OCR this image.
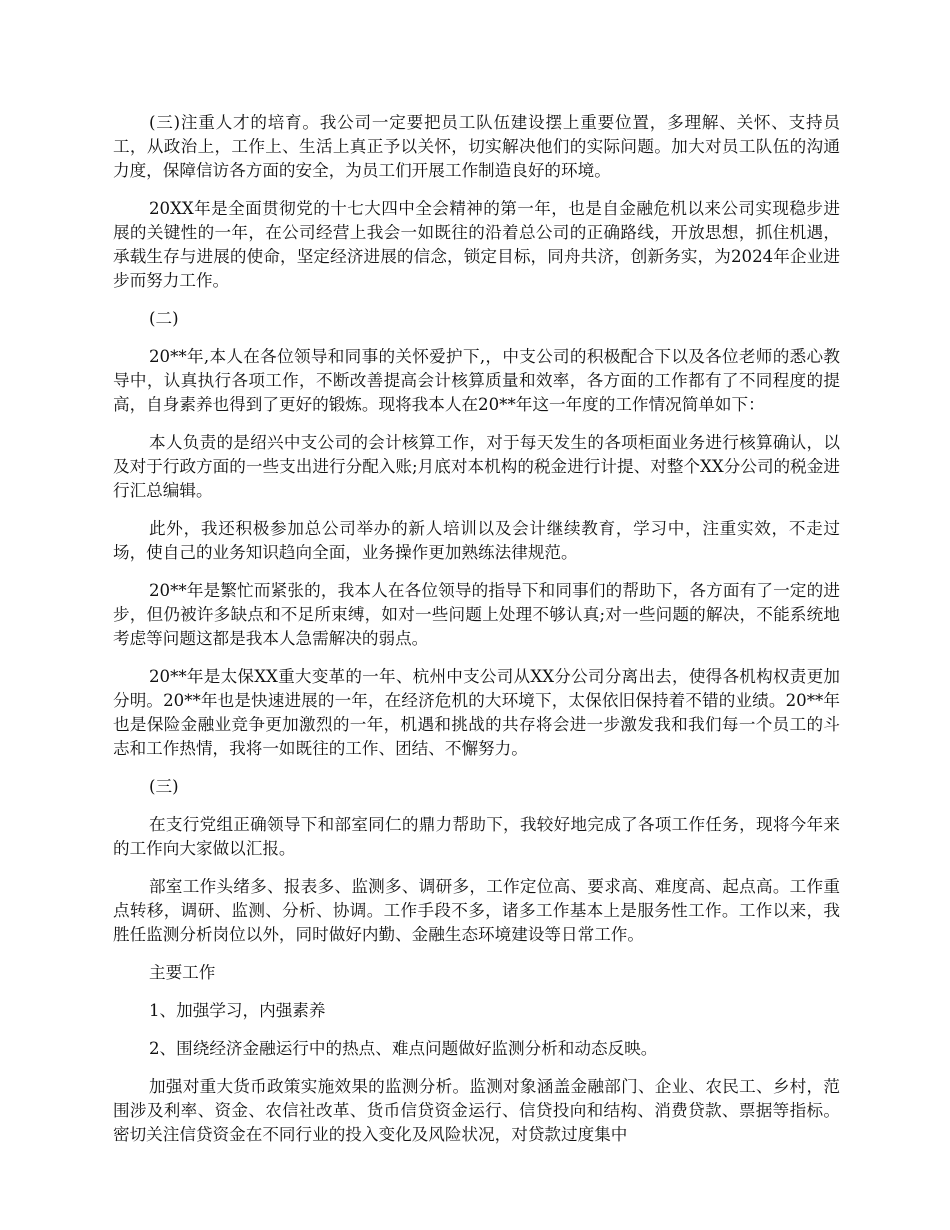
(三)注重人才的培育。我公司一定要把员工队伍建设摆上重要位置，多理解、关怀、支持员工，从政治上，工作上、生活上真正予以关怀，切实解决他们的实际问题。加大对员工队伍的沟通力度，保障信访各方面的安全，为员工们开展工作制造良好的环境。

20XX年是全面贯彻党的十七大四中全会精神的第一年，也是自金融危机以来公司实现稳步进展的关键性的一年，在公司经营上我会一如既往的沿着总公司的正确路线，开放思想，抓住机遇，承载生存与进展的使命，坚定经济进展的信念，锁定目标，同舟共济，创新务实，为2024年企业进步而努力工作。

(二)

20**年,本人在各位领导和同事的关怀爱护下,，中支公司的积极配合下以及各位老师的悉心教导中，认真执行各项工作，不断改善提高会计核算质量和效率，各方面的工作都有了不同程度的提高，自身素养也得到了更好的锻炼。现将我本人在20**年这一年度的工作情况简单如下：

本人负责的是绍兴中支公司的会计核算工作，对于每天发生的各项柜面业务进行核算确认，以及对于行政方面的一些支出进行分配入账;月底对本机构的税金进行计提、对整个XX分公司的税金进行汇总编辑。

此外，我还积极参加总公司举办的新人培训以及会计继续教育，学习中，注重实效，不走过场，使自己的业务知识趋向全面，业务操作更加熟练法律规范。

20**年是繁忙而紧张的，我本人在各位领导的指导下和同事们的帮助下，各方面有了一定的进步，但仍被许多缺点和不足所束缚，如对一些问题上处理不够认真;对一些问题的解决，不能系统地考虑等问题这都是我本人急需解决的弱点。

20**年是太保XX重大变革的一年、杭州中支公司从XX分公司分离出去，使得各机构权责更加分明。20**年也是快速进展的一年，在经济危机的大环境下，太保依旧保持着不错的业绩。20**年也是保险金融业竞争更加激烈的一年，机遇和挑战的共存将会进一步激发我和我们每一个员工的斗志和工作热情，我将一如既往的工作、团结、不懈努力。

(三)

在支行党组正确领导下和部室同仁的鼎力帮助下，我较好地完成了各项工作任务，现将今年来的工作向大家做以汇报。

部室工作头绪多、报表多、监测多、调研多，工作定位高、要求高、难度高、起点高。工作重点转移，调研、监测、分析、协调。工作手段不多，诸多工作基本上是服务性工作。工作以来，我胜任监测分析岗位以外，同时做好内勤、金融生态环境建设等日常工作。

主要工作

1、加强学习，内强素养

2、围绕经济金融运行中的热点、难点问题做好监测分析和动态反映。

加强对重大货币政策实施效果的监测分析。监测对象涵盖金融部门、企业、农民工、乡村，范围涉及利率、资金、农信社改革、货币信贷资金运行、信贷投向和结构、消费贷款、票据等指标。密切关注信贷资金在不同行业的投入变化及风险状况，对贷款过度集中
